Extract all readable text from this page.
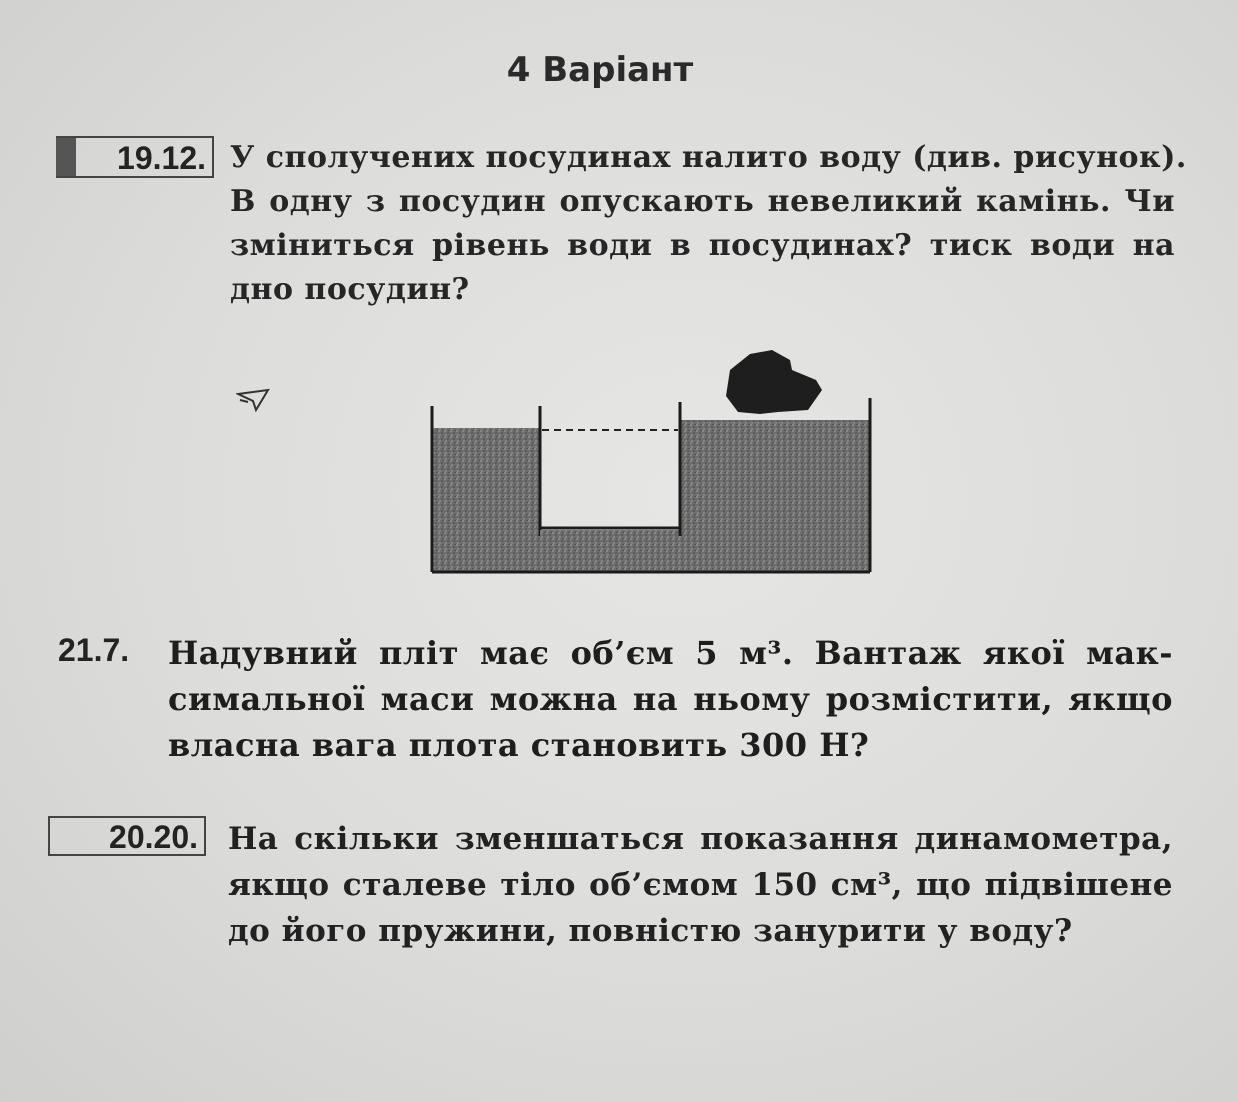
4 Варіант
19.12. У сполучених посудинах налито воду (див. рисунок).
В одну з посудин опускають невеликий камінь. Чи
зміниться рівень води в посудинах? тиск води на
дно посудин?
21.7. Надувний пліт має об’єм 5 м³. Вантаж якої мак-
симальної маси можна на ньому розмістити, якщо
власна вага плота становить 300 Н?
20.20. На скільки зменшаться показання динамометра,
якщо сталеве тіло об’ємом 150 см³, що підвішене
до його пружини, повністю занурити у воду?
